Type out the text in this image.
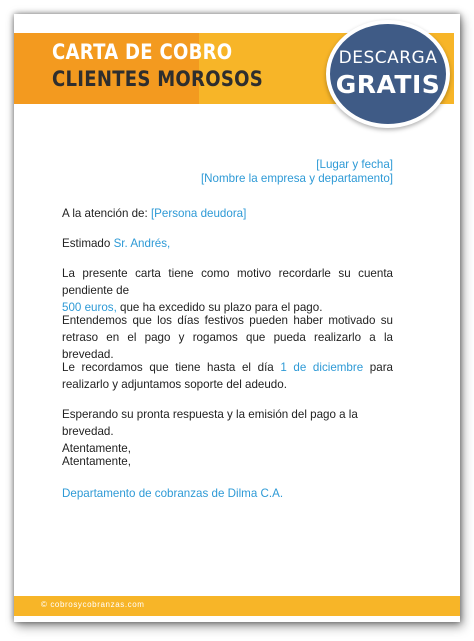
CARTA DE COBRO
CLIENTES MOROSOS
DESCARGA
GRATIS
[Lugar y fecha]
[Nombre la empresa y departamento]
A la atención de: [Persona deudora]
Estimado Sr. Andrés,
La presente carta tiene como motivo recordarle su cuenta pendiente de
500 euros, que ha excedido su plazo para el pago.
Entendemos que los días festivos pueden haber motivado su retraso en el pago y rogamos que pueda realizarlo a la brevedad.
Le recordamos que tiene hasta el día 1 de diciembre para realizarlo y adjuntamos soporte del adeudo.
Esperando su pronta respuesta y la emisión del pago a la brevedad.
Atentamente,
Atentamente,
Departamento de cobranzas de Dilma C.A.
© cobrosycobranzas.com
